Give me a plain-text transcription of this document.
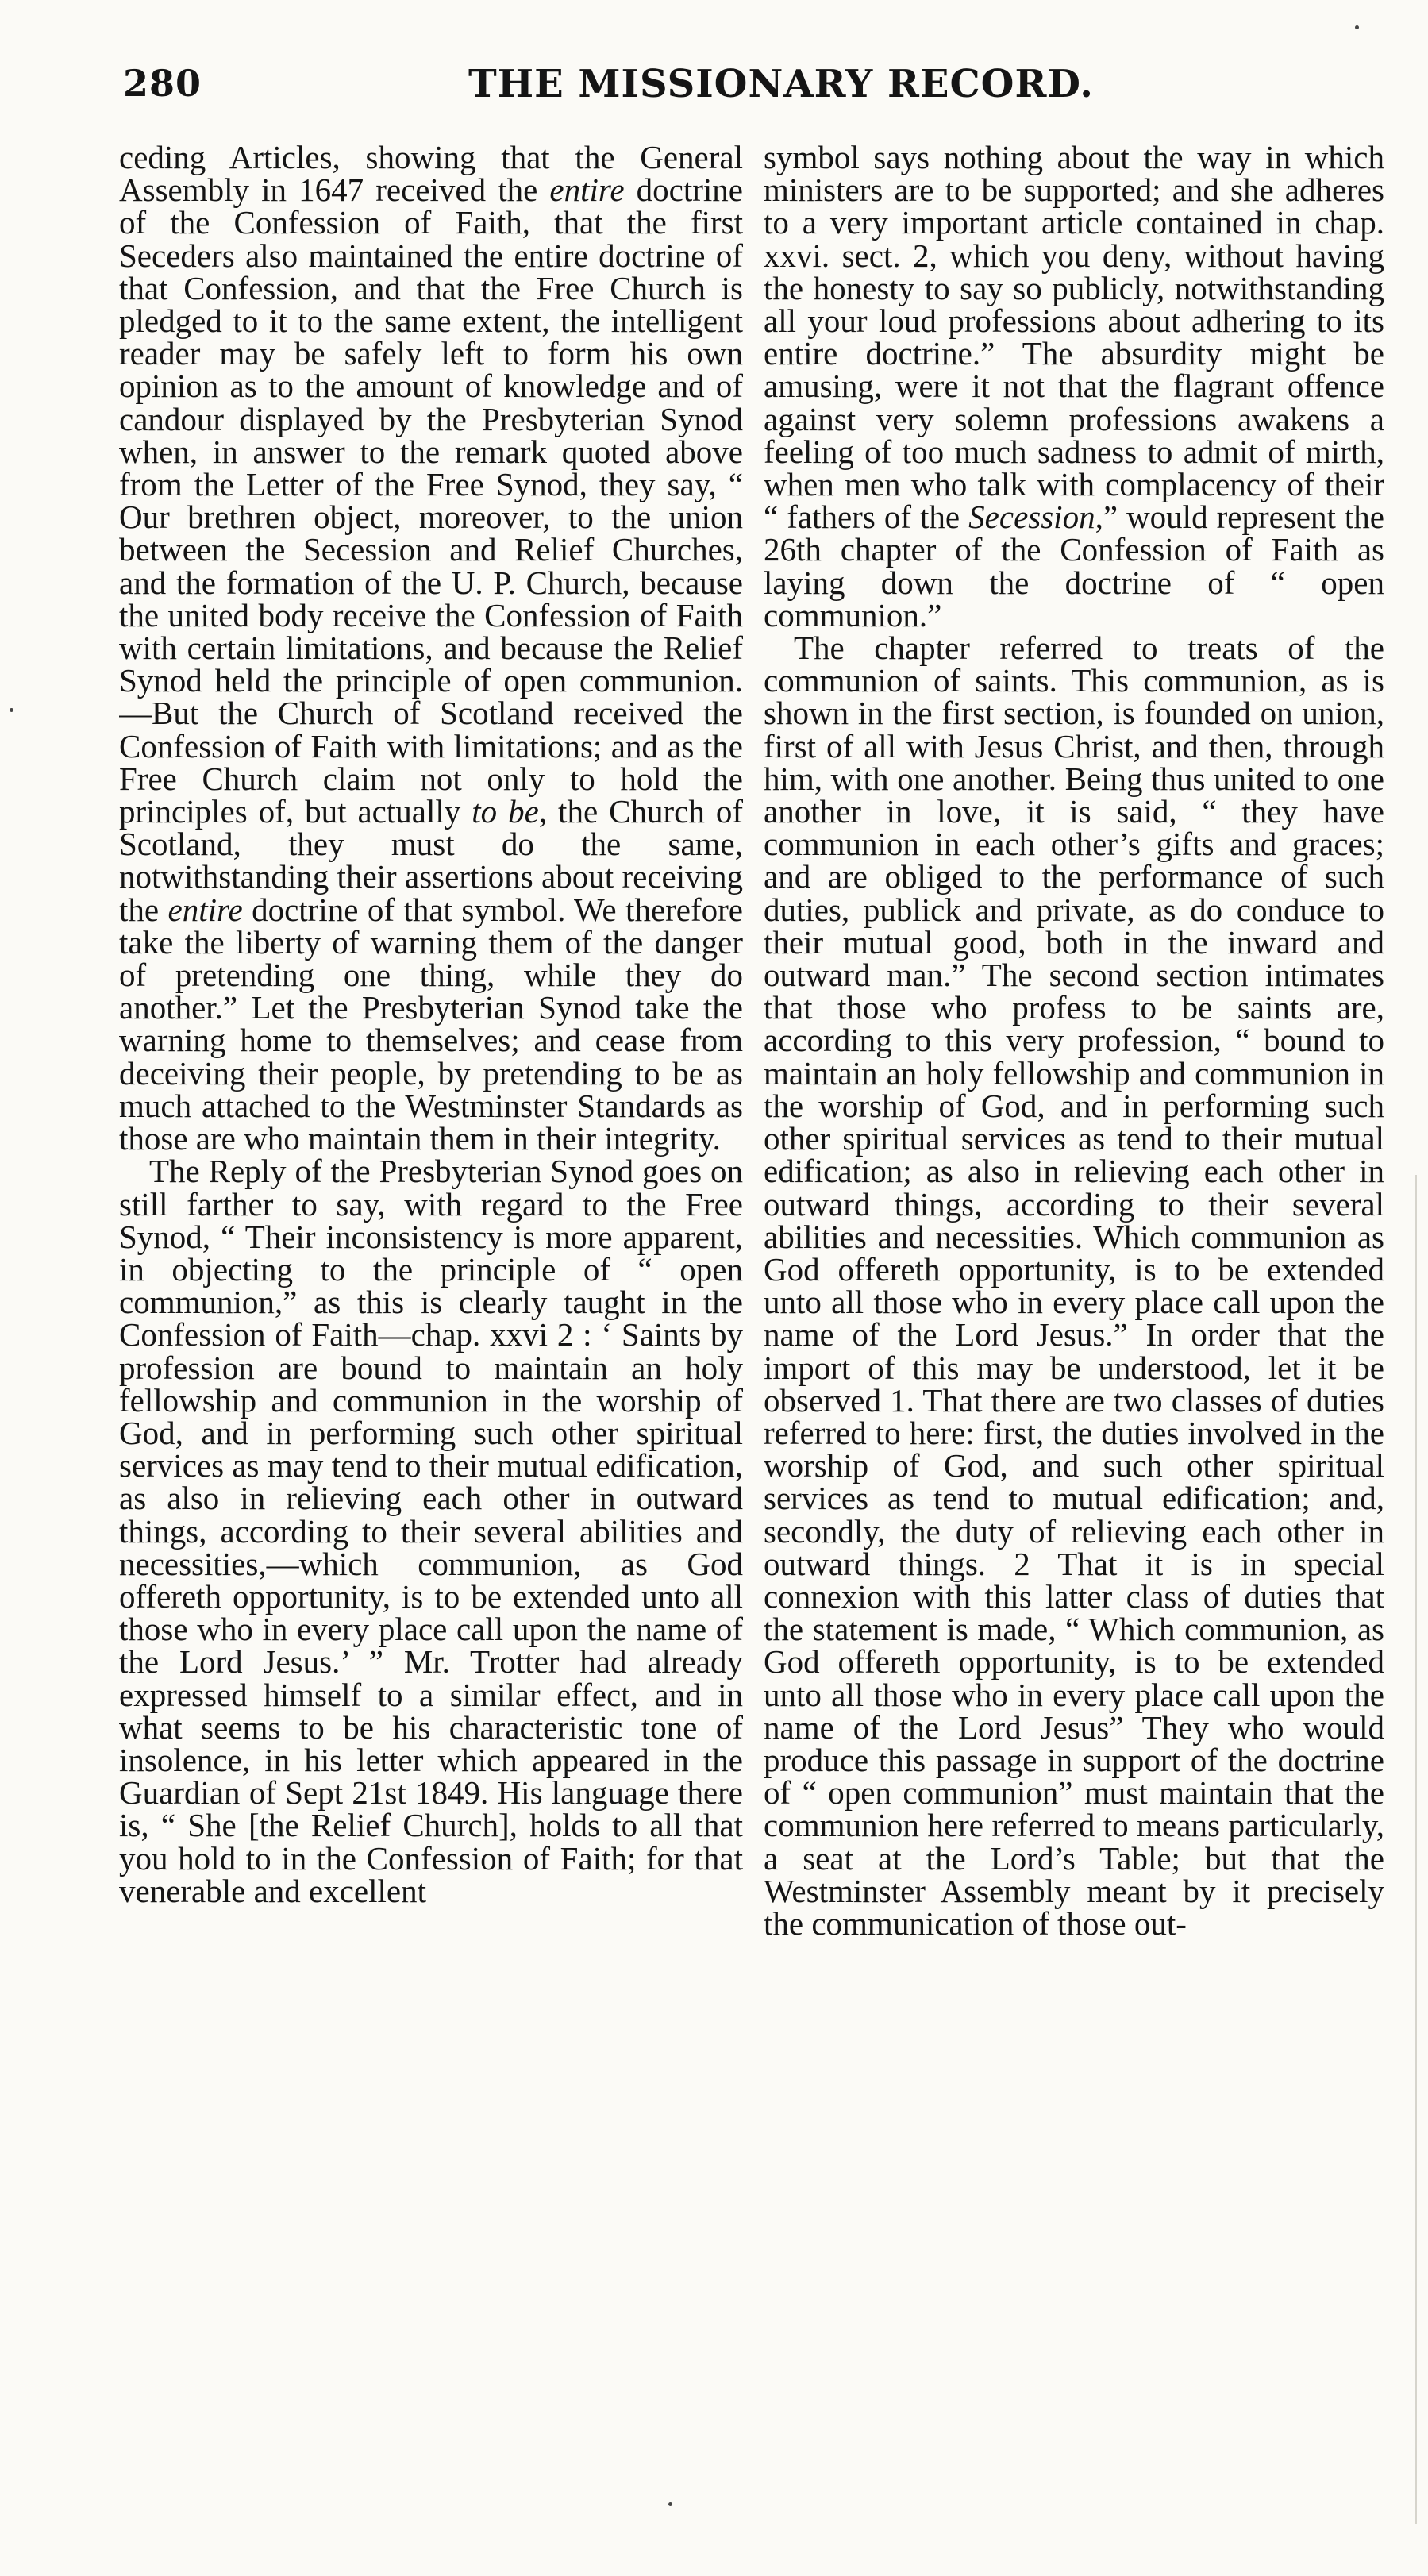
280	THE MISSIONARY RECORD.

ceding Articles, showing that the General Assembly in 1647 received the entire doctrine of the Confession of Faith, that the first Seceders also maintained the entire doctrine of that Confession, and that the Free Church is pledged to it to the same extent, the intelligent reader may be safely left to form his own opinion as to the amount of knowledge and of candour displayed by the Presbyterian Synod when, in answer to the remark quoted above from the Letter of the Free Synod, they say, “ Our brethren object, moreover, to the union between the Secession and Relief Churches, and the formation of the U. P. Church, because the united body receive the Confession of Faith with certain limitations, and because the Relief Synod held the principle of open communion.—But the Church of Scotland received the Confession of Faith with limitations; and as the Free Church claim not only to hold the principles of, but actually to be, the Church of Scotland, they must do the same, notwithstanding their assertions about receiving the entire doctrine of that symbol. We therefore take the liberty of warning them of the danger of pretending one thing, while they do another.” Let the Presbyterian Synod take the warning home to themselves; and cease from deceiving their people, by pretending to be as much attached to the Westminster Standards as those are who maintain them in their integrity.

The Reply of the Presbyterian Synod goes on still farther to say, with regard to the Free Synod, “ Their inconsistency is more apparent, in objecting to the principle of “ open communion,” as this is clearly taught in the Confession of Faith—chap. xxvi 2 : ‘ Saints by profession are bound to maintain an holy fellowship and communion in the worship of God, and in performing such other spiritual services as may tend to their mutual edification, as also in relieving each other in outward things, according to their several abilities and necessities,—which communion, as God offereth opportunity, is to be extended unto all those who in every place call upon the name of the Lord Jesus.’ ” Mr. Trotter had already expressed himself to a similar effect, and in what seems to be his characteristic tone of insolence, in his letter which appeared in the Guardian of Sept 21st 1849. His language there is, “ She [the Relief Church], holds to all that you hold to in the Confession of Faith; for that venerable and excellent

symbol says nothing about the way in which ministers are to be supported; and she adheres to a very important article contained in chap. xxvi. sect. 2, which you deny, without having the honesty to say so publicly, notwithstanding all your loud professions about adhering to its entire doctrine.” The absurdity might be amusing, were it not that the flagrant offence against very solemn professions awakens a feeling of too much sadness to admit of mirth, when men who talk with complacency of their “ fathers of the Secession,” would represent the 26th chapter of the Confession of Faith as laying down the doctrine of “ open communion.”

The chapter referred to treats of the communion of saints. This communion, as is shown in the first section, is founded on union, first of all with Jesus Christ, and then, through him, with one another. Being thus united to one another in love, it is said, “ they have communion in each other’s gifts and graces; and are obliged to the performance of such duties, publick and private, as do conduce to their mutual good, both in the inward and outward man.” The second section intimates that those who profess to be saints are, according to this very profession, “ bound to maintain an holy fellowship and communion in the worship of God, and in performing such other spiritual services as tend to their mutual edification; as also in relieving each other in outward things, according to their several abilities and necessities. Which communion as God offereth opportunity, is to be extended unto all those who in every place call upon the name of the Lord Jesus.” In order that the import of this may be understood, let it be observed 1. That there are two classes of duties referred to here: first, the duties involved in the worship of God, and such other spiritual services as tend to mutual edification; and, secondly, the duty of relieving each other in outward things. 2 That it is in special connexion with this latter class of duties that the statement is made, “ Which communion, as God offereth opportunity, is to be extended unto all those who in every place call upon the name of the Lord Jesus” They who would produce this passage in support of the doctrine of “ open communion” must maintain that the communion here referred to means particularly, a seat at the Lord’s Table; but that the Westminster Assembly meant by it precisely the communication of those out-
